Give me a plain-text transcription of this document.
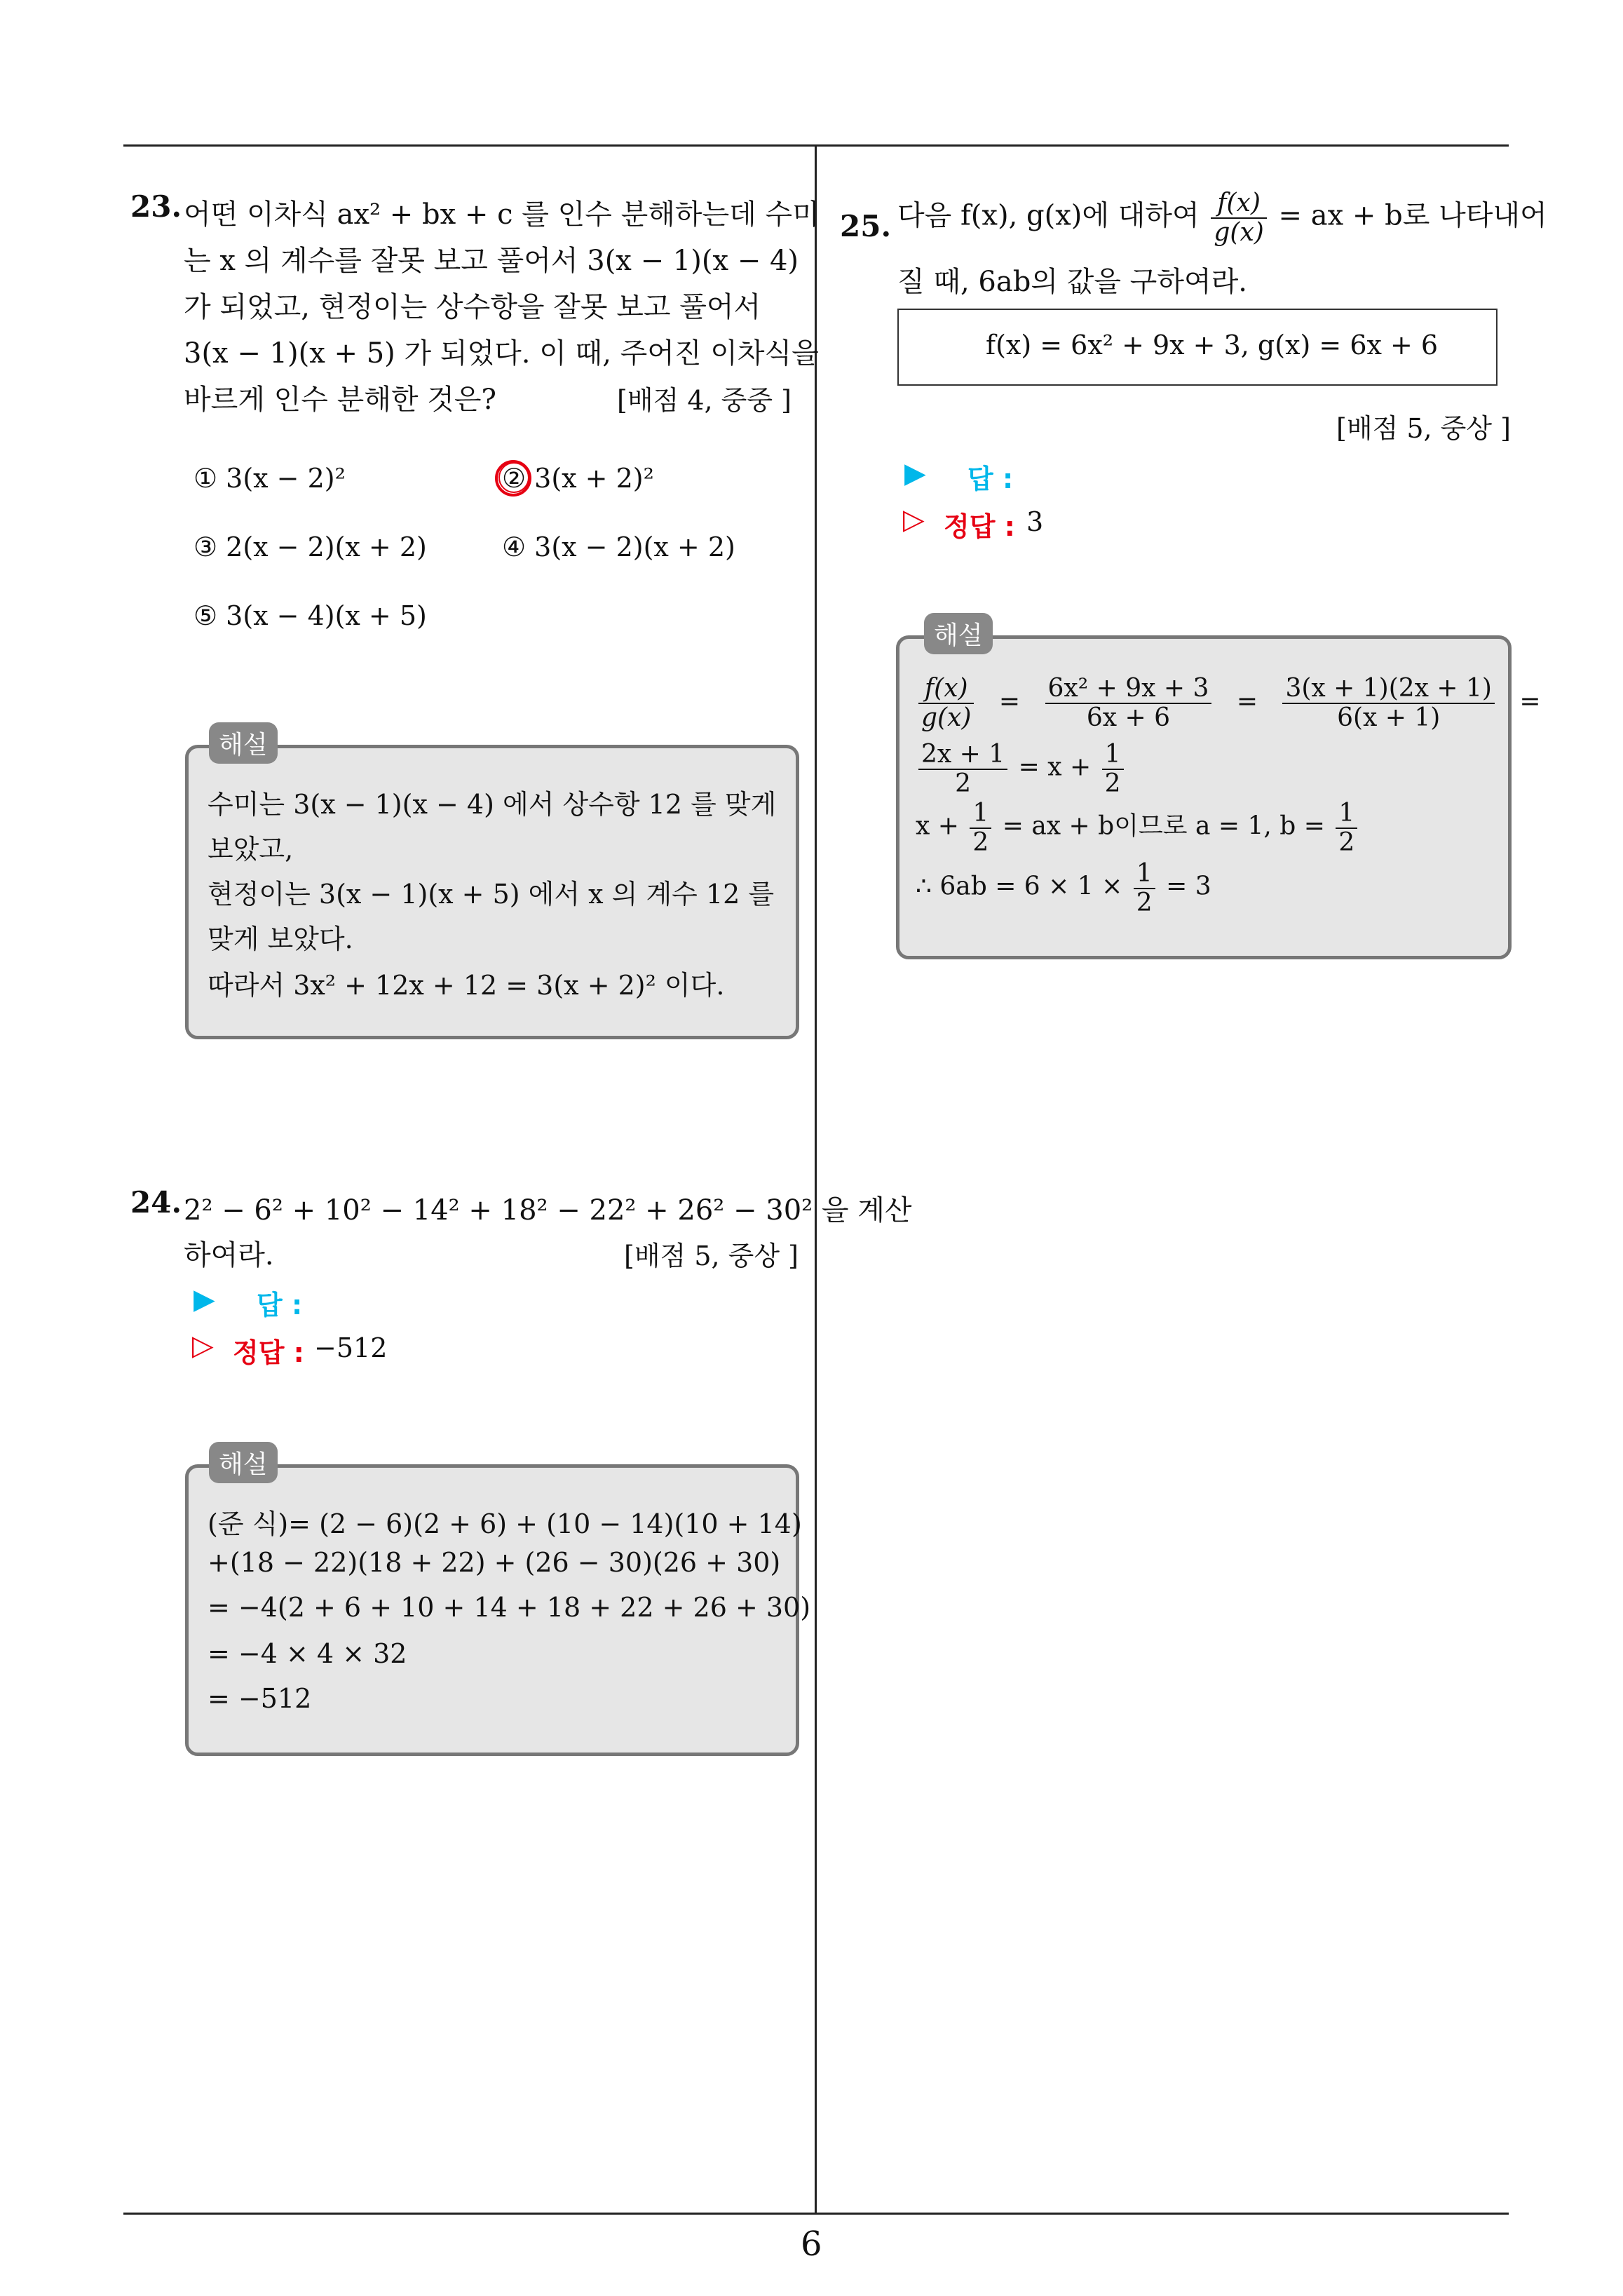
23. 어떤 이차식 ax² + bx + c 를 인수 분해하는데 수미
는 x 의 계수를 잘못 보고 풀어서 3(x − 1)(x − 4)
가 되었고, 현정이는 상수항을 잘못 보고 풀어서
3(x − 1)(x + 5) 가 되었다. 이 때, 주어진 이차식을
바르게 인수 분해한 것은?	[배점 4, 중중 ]
① 3(x − 2)²	② 3(x + 2)²
③ 2(x − 2)(x + 2)	④ 3(x − 2)(x + 2)
⑤ 3(x − 4)(x + 5)
해설
수미는 3(x − 1)(x − 4) 에서 상수항 12 를 맞게
보았고,
현정이는 3(x − 1)(x + 5) 에서 x 의 계수 12 를
맞게 보았다.
따라서 3x² + 12x + 12 = 3(x + 2)² 이다.
24. 2² − 6² + 10² − 14² + 18² − 22² + 26² − 30² 을 계산
하여라.	[배점 5, 중상 ]
▶ 답 :
▷ 정답 : −512
해설
(준 식)= (2 − 6)(2 + 6) + (10 − 14)(10 + 14)
+(18 − 22)(18 + 22) + (26 − 30)(26 + 30)
= −4(2 + 6 + 10 + 14 + 18 + 22 + 26 + 30)
= −4 × 4 × 32
= −512
25. 다음 f(x), g(x)에 대하여 $\frac{f(x)}{g(x)}$ = ax + b로 나타내어
질 때, 6ab의 값을 구하여라.
f(x) = 6x² + 9x + 3, g(x) = 6x + 6
[배점 5, 중상 ]
▶ 답 :
▷ 정답 : 3
해설
$\frac{f(x)}{g(x)} = \frac{\text{6x² + 9x + 3}}{6x + 6} = \frac{3(x + 1)(2x + 1)}{6(x + 1)}$ =
$\frac{2x + 1}{2} = x + \frac{1}{2}$
$x + \frac{1}{2}$ = ax + b이므로 a = 1, $b = \frac{1}{2}$
∴ $6ab = 6 \times 1 \times \frac{1}{2} = 3$
6
